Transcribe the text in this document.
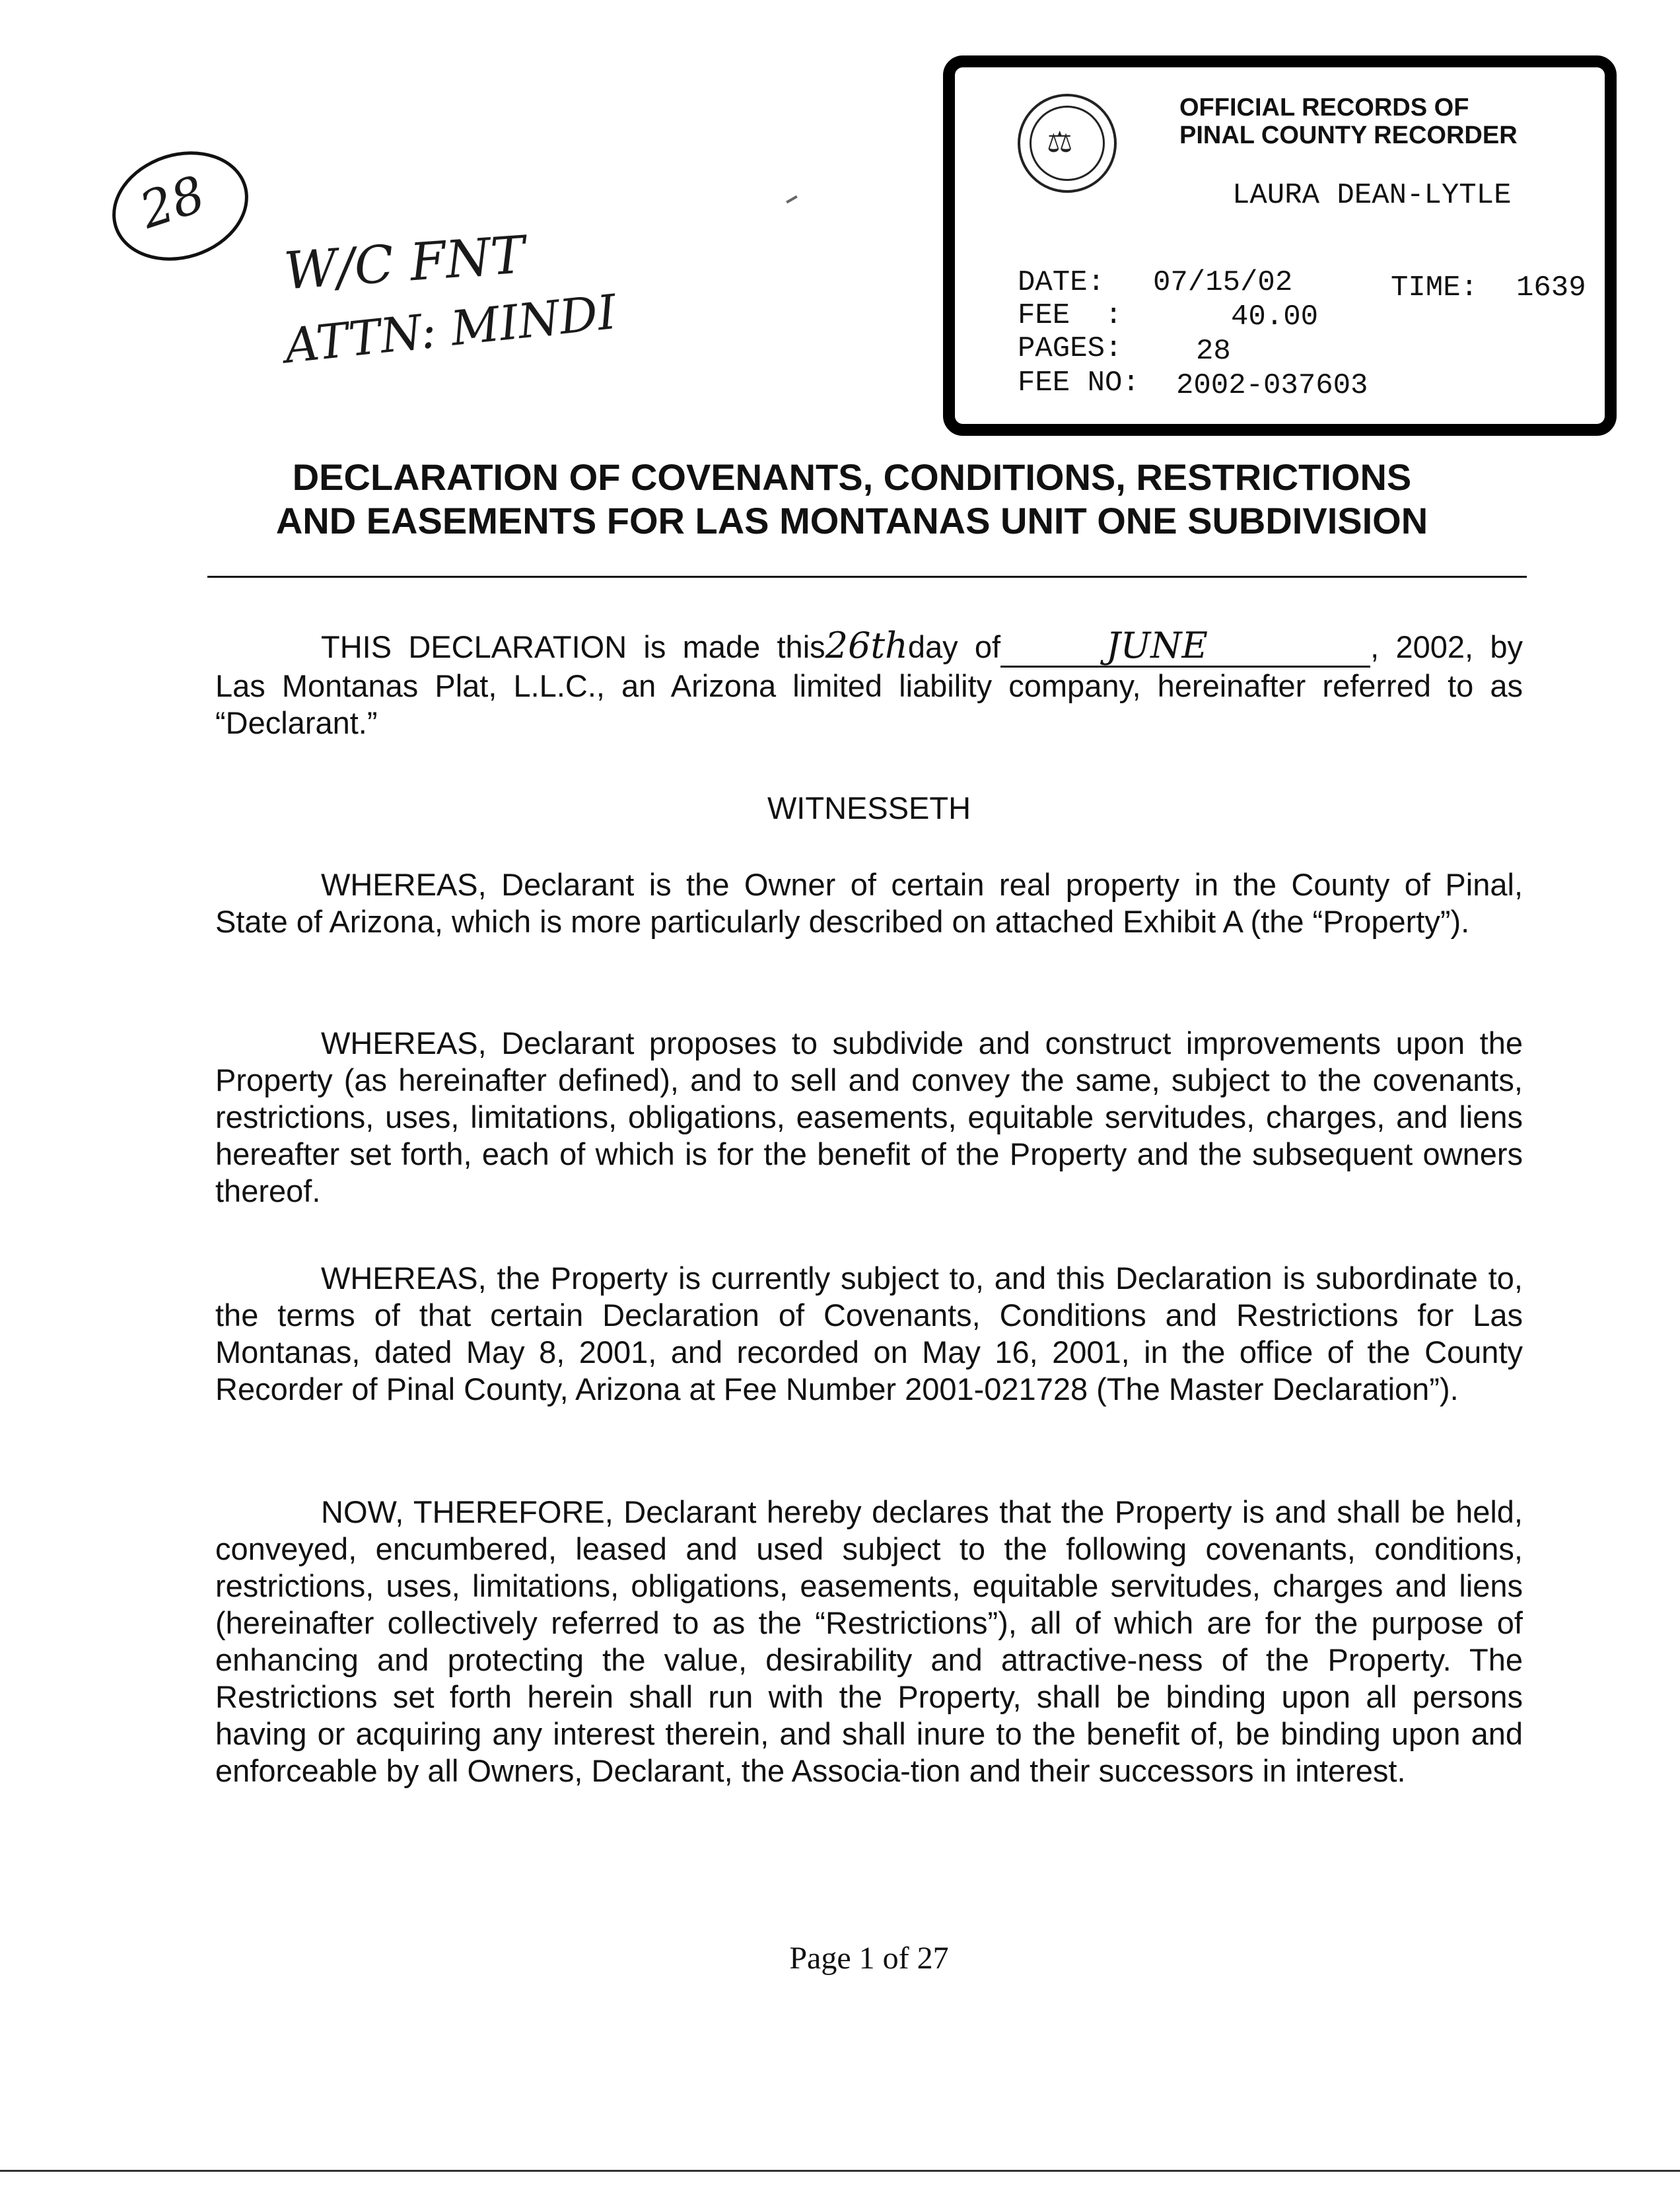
28
W/C FNT
ATTN: MINDI
⚖
OFFICIAL RECORDS OF
PINAL COUNTY RECORDER
LAURA DEAN-LYTLE
DATE: 07/15/02	TIME: 1639
FEE  :	40.00
PAGES:	28
FEE NO: 2002-037603
DECLARATION OF COVENANTS, CONDITIONS, RESTRICTIONS
AND EASEMENTS FOR LAS MONTANAS UNIT ONE SUBDIVISION

THIS DECLARATION is made this26thday of	JUNE	, 2002, by Las Montanas Plat, L.L.C., an Arizona limited liability company, hereinafter referred to as “Declarant.”

WITNESSETH

WHEREAS, Declarant is the Owner of certain real property in the County of Pinal, State of Arizona, which is more particularly described on attached Exhibit A (the “Property”).

WHEREAS, Declarant proposes to subdivide and construct improvements upon the Property (as hereinafter defined), and to sell and convey the same, subject to the covenants, restrictions, uses, limitations, obligations, easements, equitable servitudes, charges, and liens hereafter set forth, each of which is for the benefit of the Property and the subsequent owners thereof.

WHEREAS, the Property is currently subject to, and this Declaration is subordinate to, the terms of that certain Declaration of Covenants, Conditions and Restrictions for Las Montanas, dated May 8, 2001, and recorded on May 16, 2001, in the office of the County Recorder of Pinal County, Arizona at Fee Number 2001-021728 (The Master Declaration”).

NOW, THEREFORE, Declarant hereby declares that the Property is and shall be held, conveyed, encumbered, leased and used subject to the following covenants, conditions, restrictions, uses, limitations, obligations, easements, equitable servitudes, charges and liens (hereinafter collectively referred to as the “Restrictions”), all of which are for the purpose of enhancing and protecting the value, desirability and attractive-ness of the Property. The Restrictions set forth herein shall run with the Property, shall be binding upon all persons having or acquiring any interest therein, and shall inure to the benefit of, be binding upon and enforceable by all Owners, Declarant, the Associa-tion and their successors in interest.

Page 1 of 27
